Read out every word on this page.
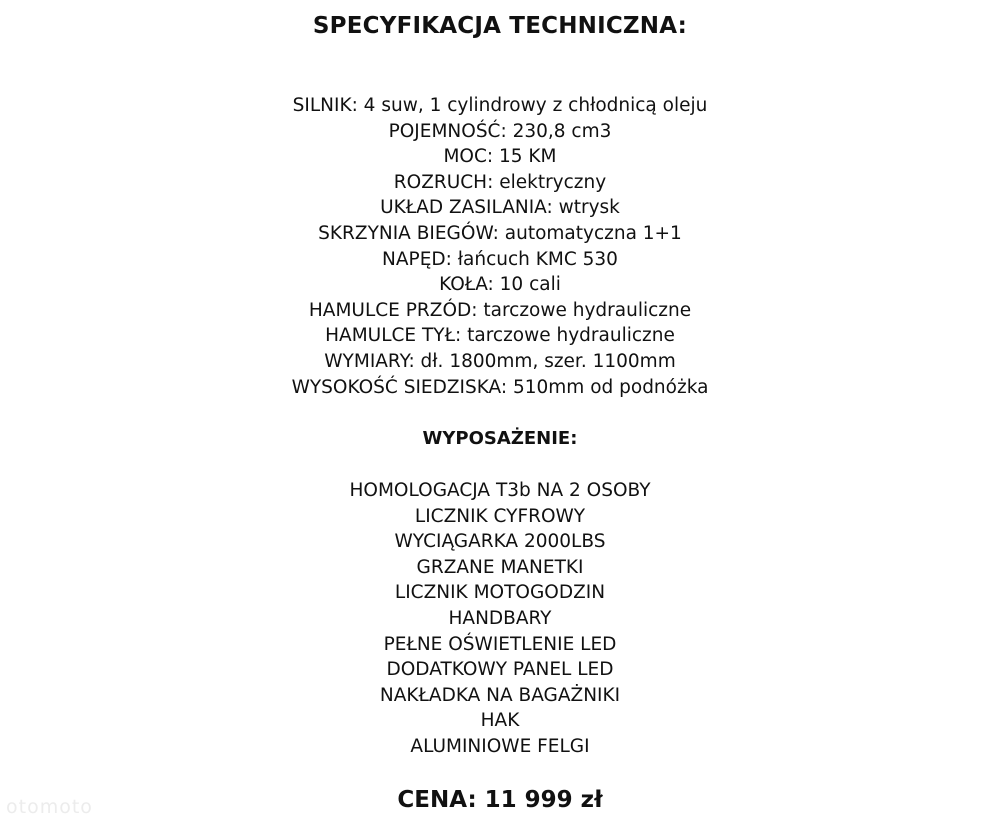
SPECYFIKACJA TECHNICZNA:
SILNIK: 4 suw, 1 cylindrowy z chłodnicą oleju
POJEMNOŚĆ: 230,8 cm3
MOC: 15 KM
ROZRUCH: elektryczny
UKŁAD ZASILANIA: wtrysk
SKRZYNIA BIEGÓW: automatyczna 1+1
NAPĘD: łańcuch KMC 530
KOŁA: 10 cali
HAMULCE PRZÓD: tarczowe hydrauliczne
HAMULCE TYŁ: tarczowe hydrauliczne
WYMIARY: dł. 1800mm, szer. 1100mm
WYSOKOŚĆ SIEDZISKA: 510mm od podnóżka
WYPOSAŻENIE:
HOMOLOGACJA T3b NA 2 OSOBY
LICZNIK CYFROWY
WYCIĄGARKA 2000LBS
GRZANE MANETKI
LICZNIK MOTOGODZIN
HANDBARY
PEŁNE OŚWIETLENIE LED
DODATKOWY PANEL LED
NAKŁADKA NA BAGAŻNIKI
HAK
ALUMINIOWE FELGI
CENA: 11 999 zł
otomoto
